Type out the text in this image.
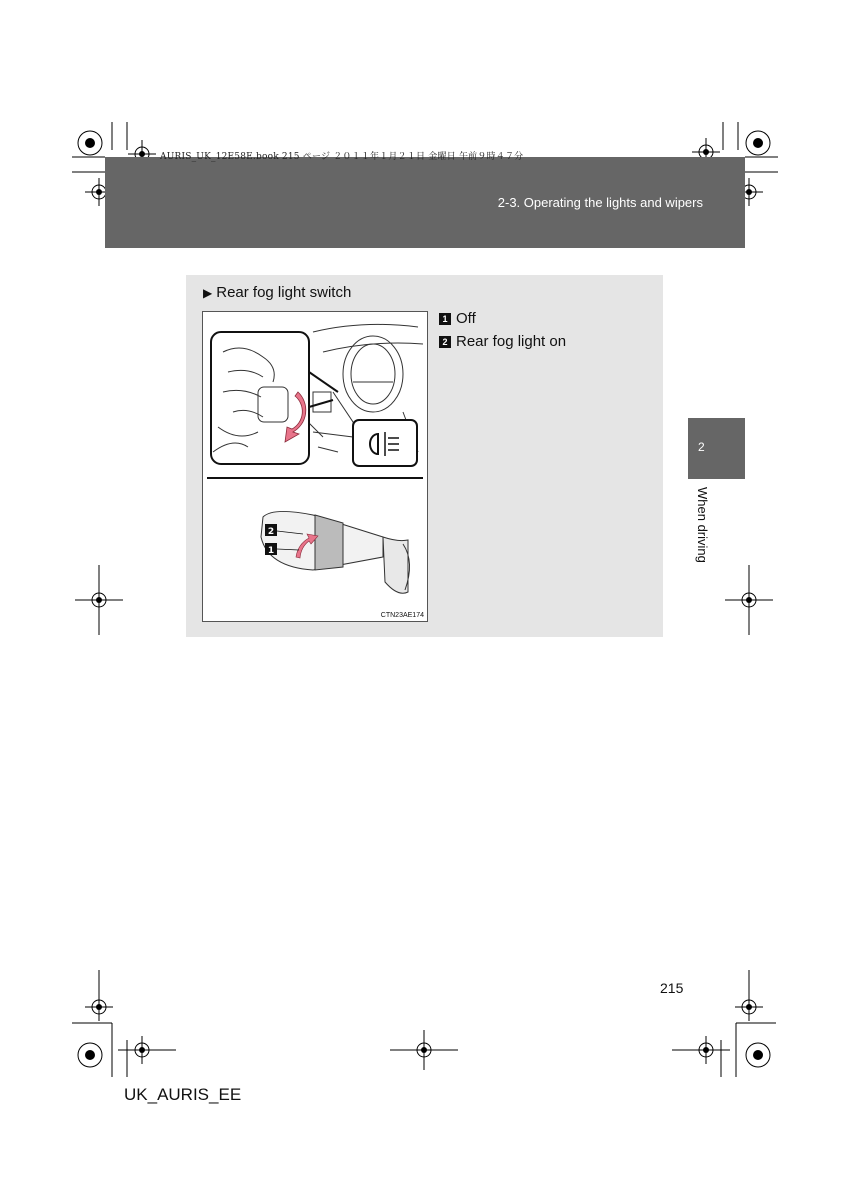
AURIS_UK_12E58E.book 215 ページ ２０１１年１月２１日 金曜日 午前９時４７分
2-3. Operating the lights and wipers
2
When driving
▶ Rear fog light switch
2
1
CTN23AE174
1 Off
2 Rear fog light on
215
UK_AURIS_EE
